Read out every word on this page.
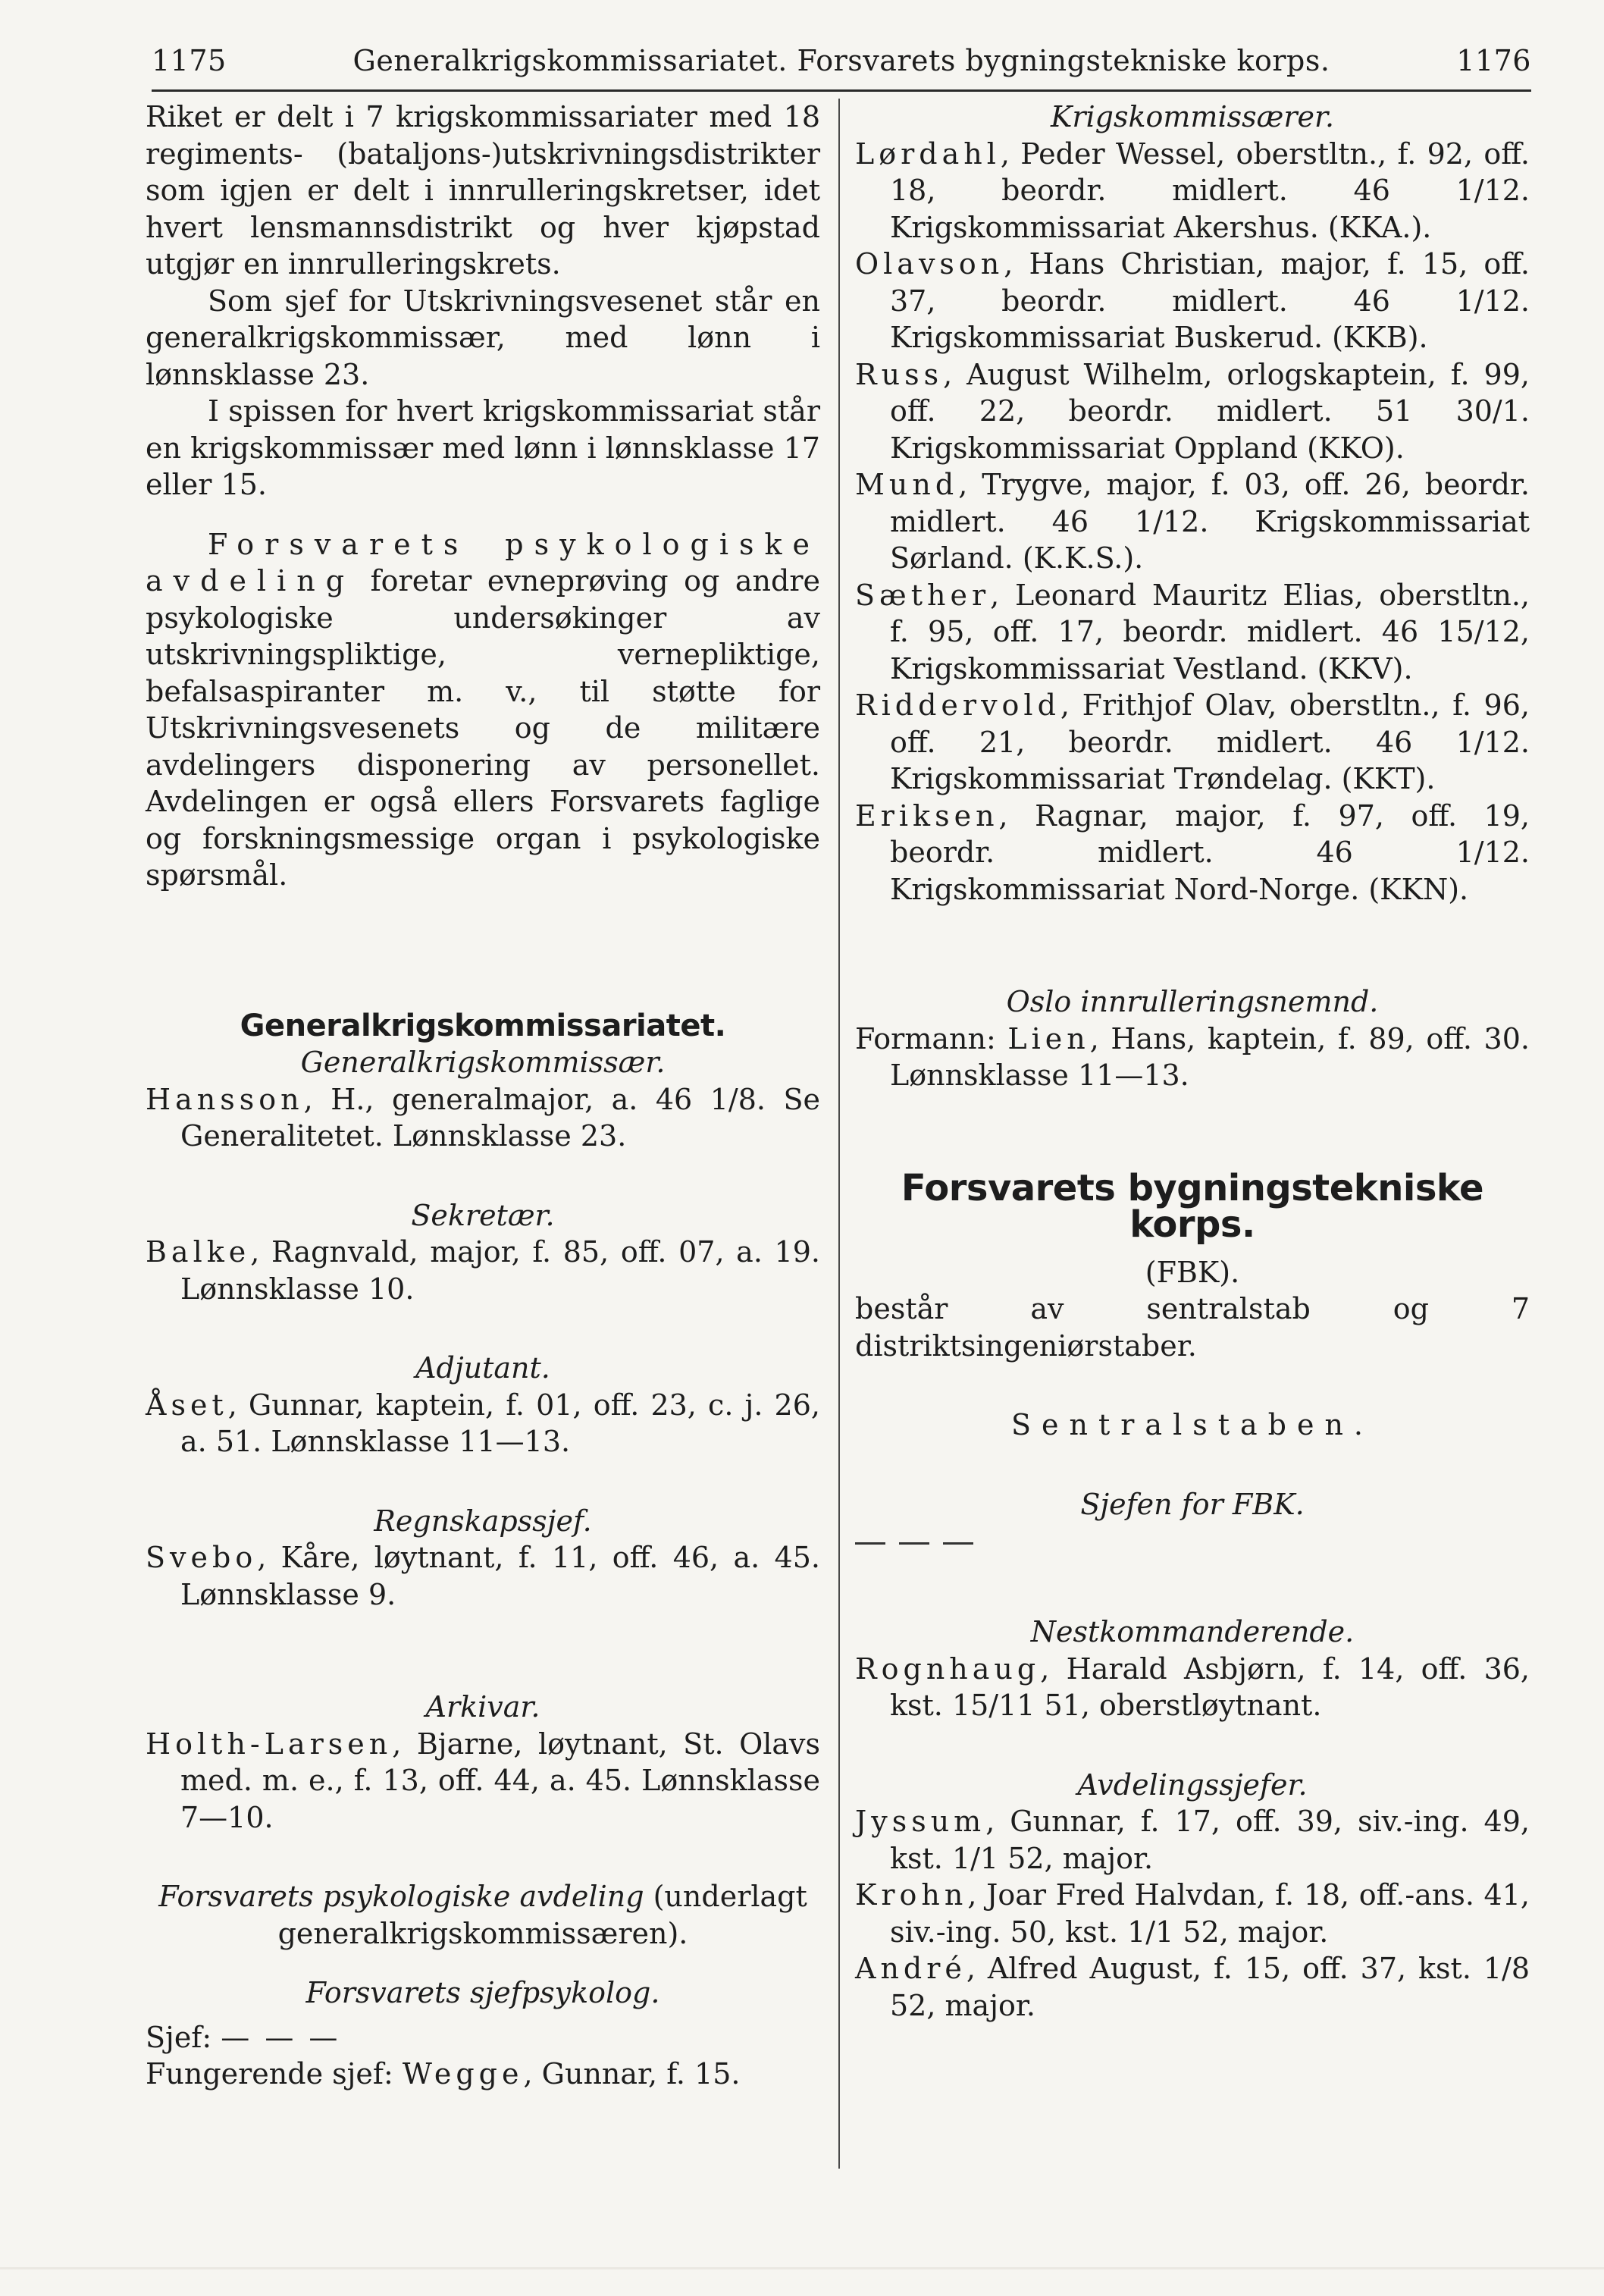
1175	Generalkrigskommissariatet. Forsvarets bygningstekniske korps.	1176

Riket er delt i 7 krigskommissariater med 18 regiments- (bataljons-)utskrivningsdistrikter som igjen er delt i innrulleringskretser, idet hvert lensmannsdistrikt og hver kjøpstad utgjør en innrulleringskrets.

Som sjef for Utskrivningsvesenet står en generalkrigskommissær, med lønn i lønnsklasse 23.

I spissen for hvert krigskommissariat står en krigskommissær med lønn i lønnsklasse 17 eller 15.

Forsvarets psykologiske avdeling foretar evneprøving og andre psykologiske undersøkinger av utskrivningspliktige, vernepliktige, befalsaspiranter m. v., til støtte for Utskrivningsvesenets og de militære avdelingers disponering av personellet. Avdelingen er også ellers Forsvarets faglige og forskningsmessige organ i psykologiske spørsmål.

Generalkrigskommissariatet.

Generalkrigskommissær.

Hansson, H., generalmajor, a. 46 1/8. Se Generalitetet. Lønnsklasse 23.

Sekretær.

Balke, Ragnvald, major, f. 85, off. 07, a. 19. Lønnsklasse 10.

Adjutant.

Åset, Gunnar, kaptein, f. 01, off. 23, c. j. 26, a. 51. Lønnsklasse 11—13.

Regnskapssjef.

Svebo, Kåre, løytnant, f. 11, off. 46, a. 45. Lønnsklasse 9.

Arkivar.

Holth-Larsen, Bjarne, løytnant, St. Olavs med. m. e., f. 13, off. 44, a. 45. Lønnsklasse 7—10.

Forsvarets psykologiske avdeling (underlagt generalkrigskommissæren).

Forsvarets sjefpsykolog.

Sjef: — — —

Fungerende sjef: Wegge, Gunnar, f. 15.

Krigskommissærer.

Lørdahl, Peder Wessel, oberstltn., f. 92, off. 18, beordr. midlert. 46 1/12. Krigskommissariat Akershus. (KKA.).

Olavson, Hans Christian, major, f. 15, off. 37, beordr. midlert. 46 1/12. Krigskommissariat Buskerud. (KKB).

Russ, August Wilhelm, orlogskaptein, f. 99, off. 22, beordr. midlert. 51 30/1. Krigskommissariat Oppland (KKO).

Mund, Trygve, major, f. 03, off. 26, beordr. midlert. 46 1/12. Krigskommissariat Sørland. (K.K.S.).

Sæther, Leonard Mauritz Elias, oberstltn., f. 95, off. 17, beordr. midlert. 46 15/12, Krigskommissariat Vestland. (KKV).

Riddervold, Frithjof Olav, oberstltn., f. 96, off. 21, beordr. midlert. 46 1/12. Krigskommissariat Trøndelag. (KKT).

Eriksen, Ragnar, major, f. 97, off. 19, beordr. midlert. 46 1/12. Krigskommissariat Nord-Norge. (KKN).

Oslo innrulleringsnemnd.

Formann: Lien, Hans, kaptein, f. 89, off. 30. Lønnsklasse 11—13.

Forsvarets bygningstekniske korps.

(FBK).

består av sentralstab og 7 distriktsingeniørstaber.

Sentralstaben.

Sjefen for FBK.

Nestkommanderende.

Rognhaug, Harald Asbjørn, f. 14, off. 36, kst. 15/11 51, oberstløytnant.

Avdelingssjefer.

Jyssum, Gunnar, f. 17, off. 39, siv.-ing. 49, kst. 1/1 52, major.

Krohn, Joar Fred Halvdan, f. 18, off.-ans. 41, siv.-ing. 50, kst. 1/1 52, major.

André, Alfred August, f. 15, off. 37, kst. 1/8 52, major.
